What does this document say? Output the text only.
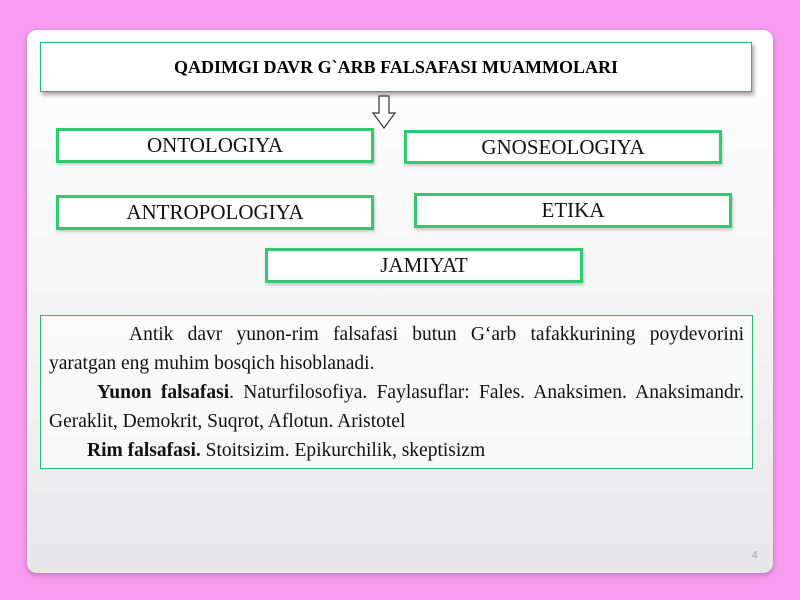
QADIMGI DAVR G`ARB FALSAFASI MUAMMOLARI
ONTOLOGIYA	GNOSEOLOGIYA
ANTROPOLOGIYA	ETIKA
JAMIYAT

Antik davr yunon-rim falsafasi butun G‘arb tafakkurining poydevorini yaratgan eng muhim bosqich hisoblanadi.

Yunon falsafasi. Naturfilosofiya. Faylasuflar: Fales. Anaksimen. Anaksimandr. Geraklit, Demokrit, Suqrot, Aflotun. Aristotel

Rim falsafasi. Stoitsizim. Epikurchilik, skeptisizm

4
